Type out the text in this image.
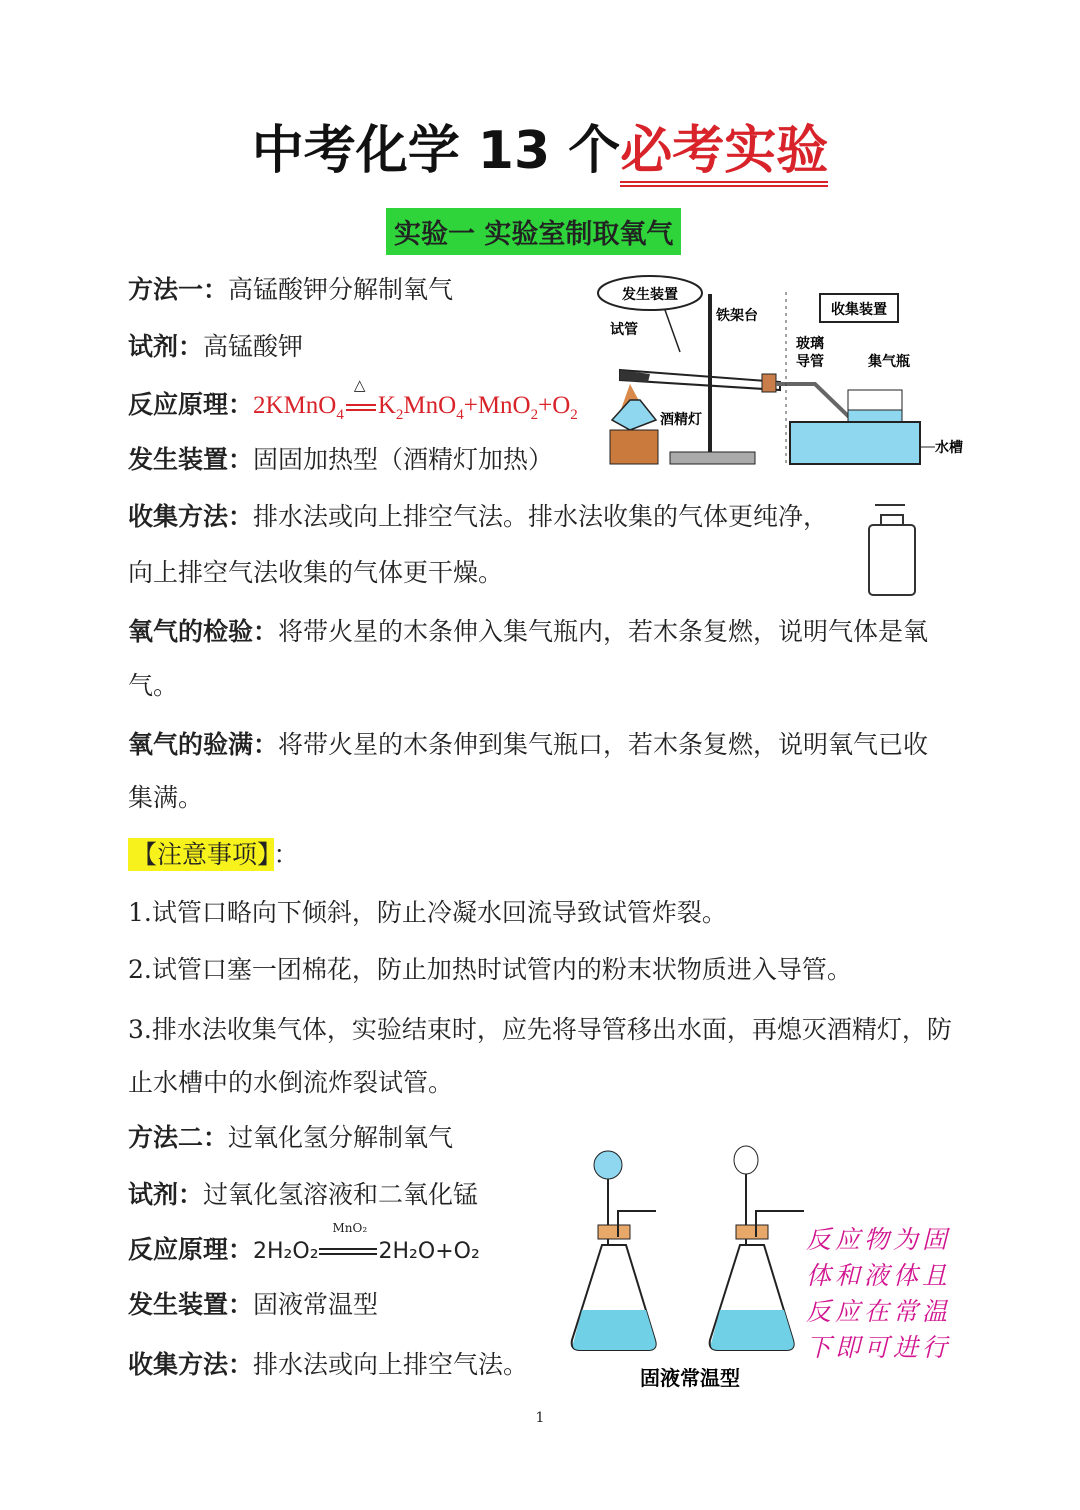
中考化学 13 个必考实验
实验一 实验室制取氧气
方法一：高锰酸钾分解制氧气
试剂：高锰酸钾
反应原理：2KMnO$_4$
△
$K_2MnO_4+MnO_2+O_2$
发生装置：固固加热型（酒精灯加热）
收集方法：排水法或向上排空气法。排水法收集的气体更纯净，
向上排空气法收集的气体更干燥。
氧气的检验：将带火星的木条伸入集气瓶内，若木条复燃，说明气体是氧
气。
氧气的验满：将带火星的木条伸到集气瓶口，若木条复燃，说明氧气已收
集满。
【注意事项】 ：
1.试管口略向下倾斜，防止冷凝水回流导致试管炸裂。
2.试管口塞一团棉花，防止加热时试管内的粉末状物质进入导管。
3.排水法收集气体，实验结束时，应先将导管移出水面，再熄灭酒精灯，防
止水槽中的水倒流炸裂试管。
方法二：过氧化氢分解制氧气
试剂：过氧化氢溶液和二氧化锰
反应原理：2H₂O₂
MnO₂
2H₂O+O₂
发生装置：固液常温型
收集方法：排水法或向上排空气法。
发生装置
试管
酒精灯
铁架台	收集装置
玻璃
导管	集气瓶
水槽
固液常温型
反应物为固
体和液体且
反应在常温
下即可进行
1
